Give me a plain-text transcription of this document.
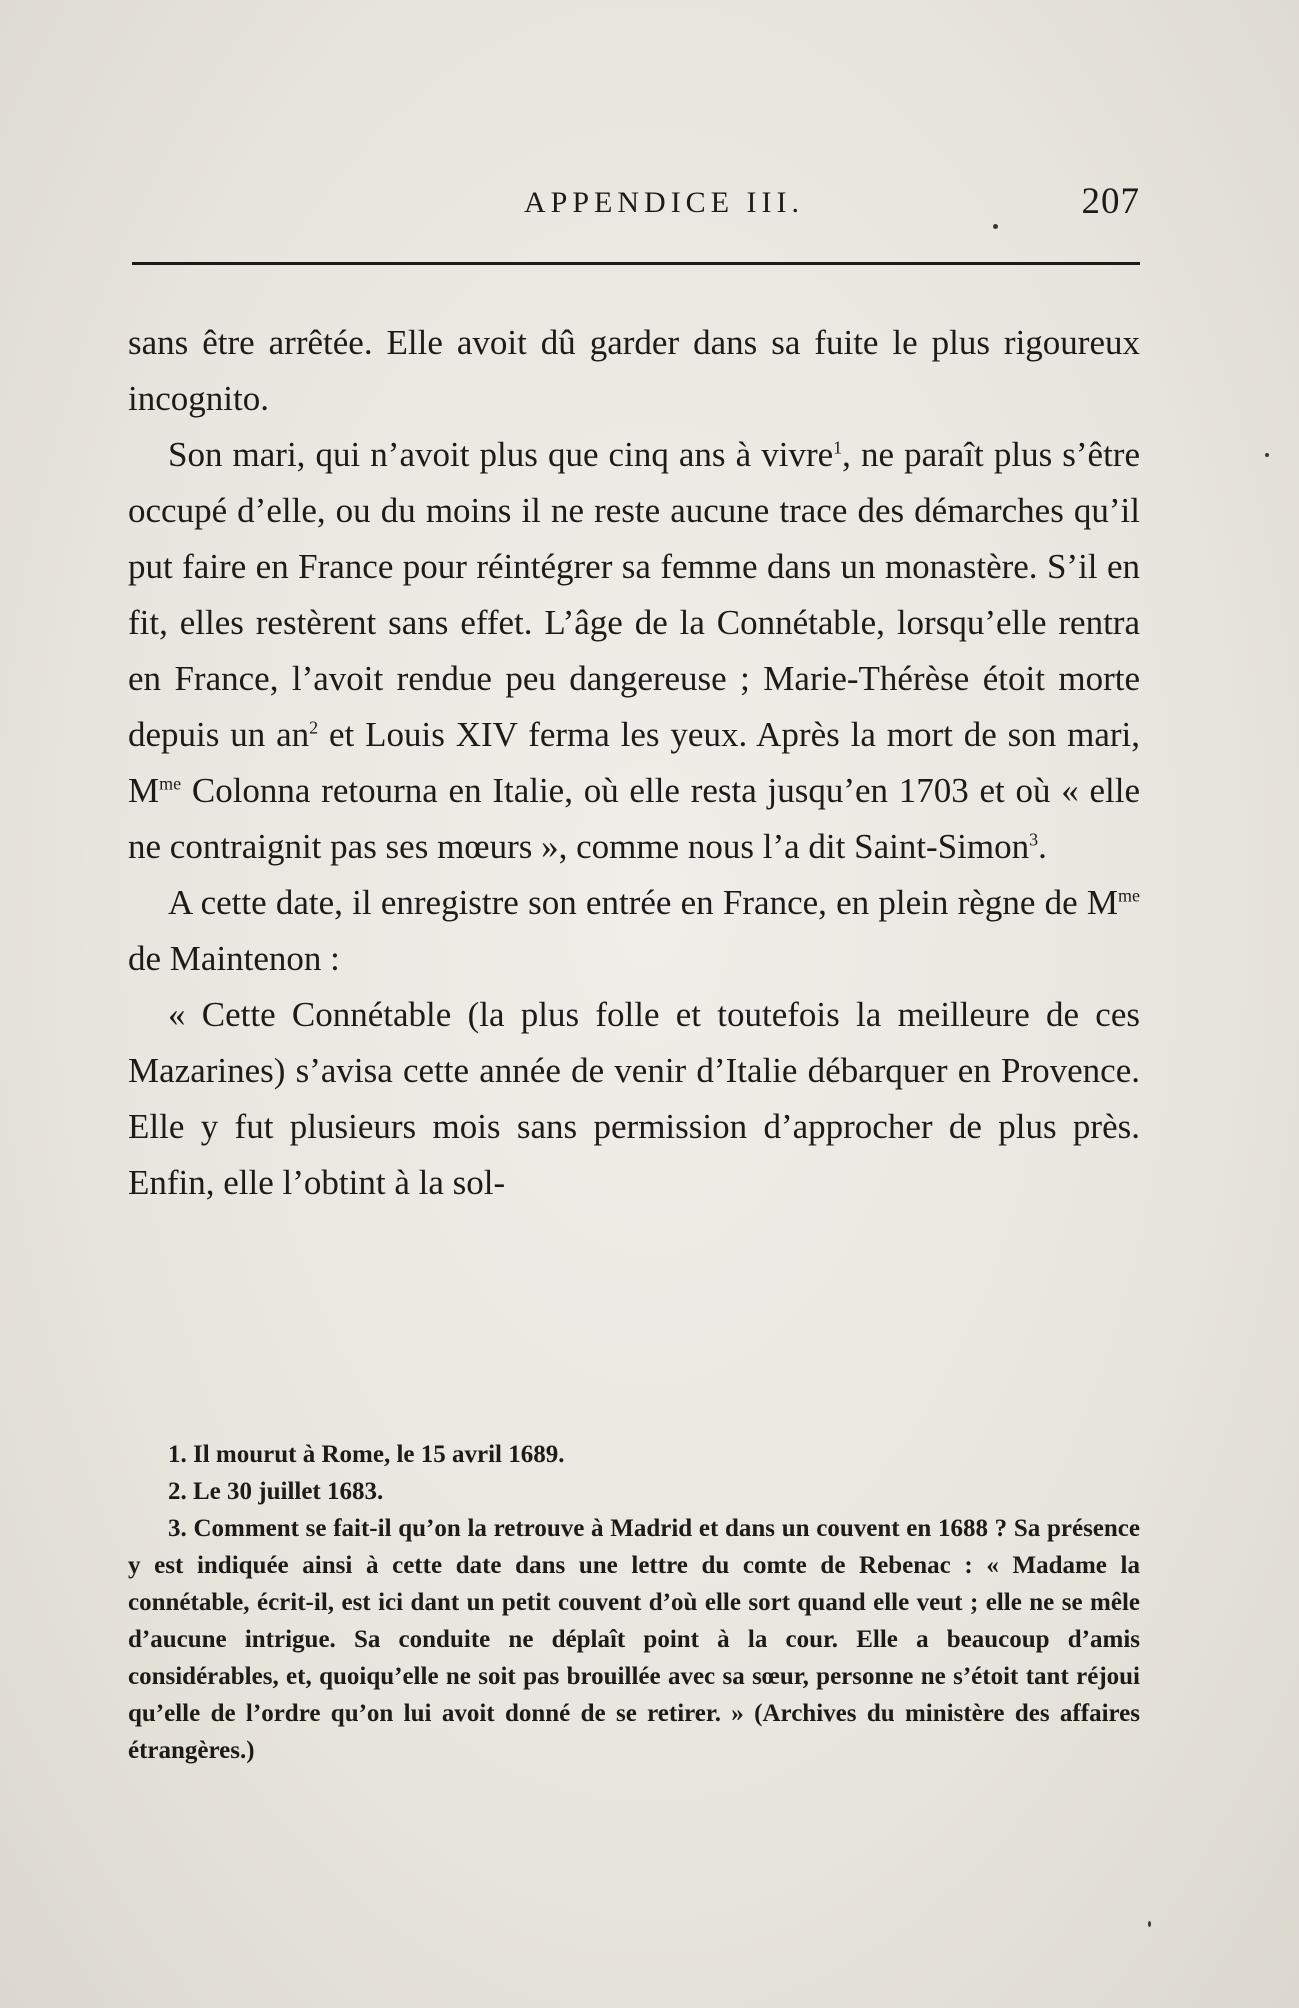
APPENDICE III.	207

sans être arrêtée. Elle avoit dû garder dans sa fuite le plus rigoureux incognito.

Son mari, qui n’avoit plus que cinq ans à vivre$^1$, ne paraît plus s’être occupé d’elle, ou du moins il ne reste aucune trace des démarches qu’il put faire en France pour réintégrer sa femme dans un monastère. S’il en fit, elles restèrent sans effet. L’âge de la Connétable, lorsqu’elle rentra en France, l’avoit rendue peu dangereuse ; Marie-Thérèse étoit morte depuis un $an^2$ et Louis XIV ferma les yeux. Après la mort de son mari, $M^{me}$ Colonna retourna en Italie, où elle resta jusqu’en 1703 et où « elle ne contraignit pas ses mœurs », comme nous l’a dit Saint-Simon$^3$.

A cette date, il enregistre son entrée en France, en plein règne de $M^{me}$ de Maintenon :

« Cette Connétable (la plus folle et toutefois la meilleure de ces Mazarines) s’avisa cette année de venir d’Italie débarquer en Provence. Elle y fut plusieurs mois sans permission d’approcher de plus près. Enfin, elle l’obtint à la sol-

1. Il mourut à Rome, le 15 avril 1689.

2. Le 30 juillet 1683.

3. Comment se fait-il qu’on la retrouve à Madrid et dans un couvent en 1688 ? Sa présence y est indiquée ainsi à cette date dans une lettre du comte de Rebenac : « Madame la connétable, écrit-il, est ici dant un petit couvent d’où elle sort quand elle veut ; elle ne se mêle d’aucune intrigue. Sa conduite ne déplaît point à la cour. Elle a beaucoup d’amis considérables, et, quoiqu’elle ne soit pas brouillée avec sa sœur, personne ne s’étoit tant réjoui qu’elle de l’ordre qu’on lui avoit donné de se retirer. » (Archives du ministère des affaires étrangères.)
